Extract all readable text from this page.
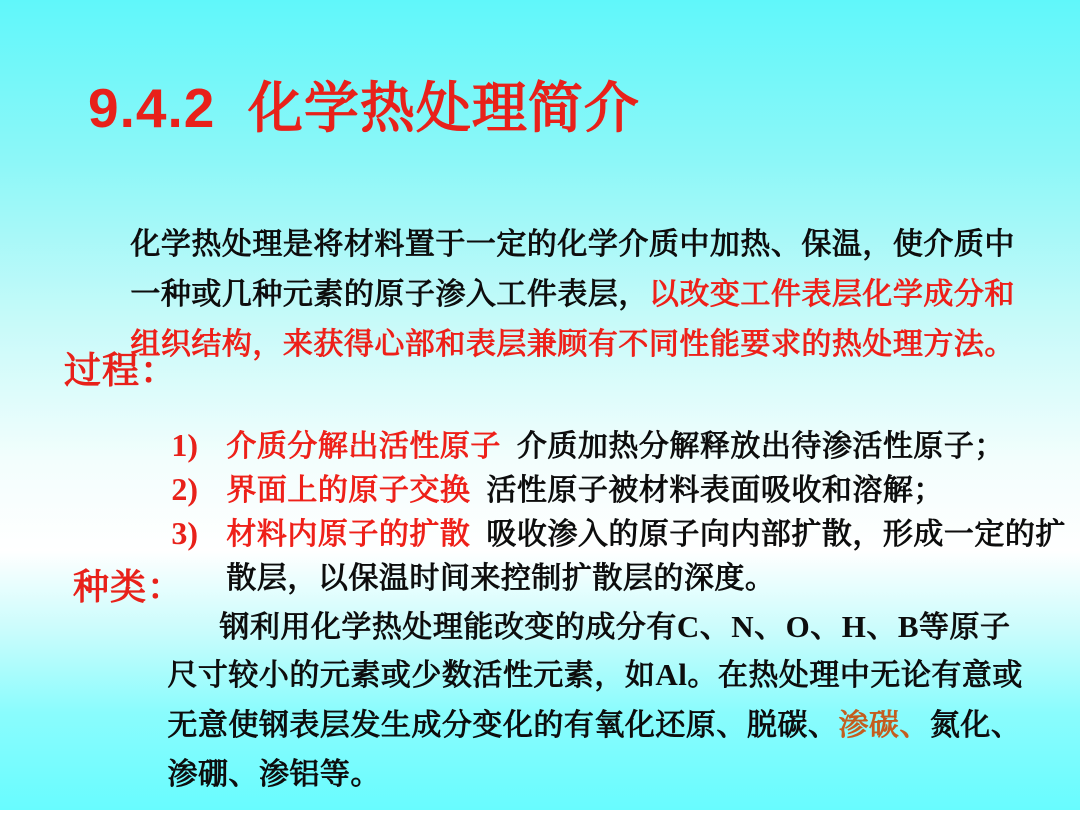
9.4.2  化学热处理简介

化学热处理是将材料置于一定的化学介质中加热、保温，使介质中

一种或几种元素的原子渗入工件表层，以改变工件表层化学成分和

组织结构，来获得心部和表层兼顾有不同性能要求的热处理方法。

过程：

1) 介质分解出活性原子 介质加热分解释放出待渗活性原子；

2) 界面上的原子交换 活性原子被材料表面吸收和溶解；

3) 材料内原子的扩散 吸收渗入的原子向内部扩散，形成一定的扩

散层，以保温时间来控制扩散层的深度。

种类：

钢利用化学热处理能改变的成分有C、N、O、H、B等原子

尺寸较小的元素或少数活性元素，如Al。在热处理中无论有意或

无意使钢表层发生成分变化的有氧化还原、脱碳、渗碳、氮化、

渗硼、渗铝等。
